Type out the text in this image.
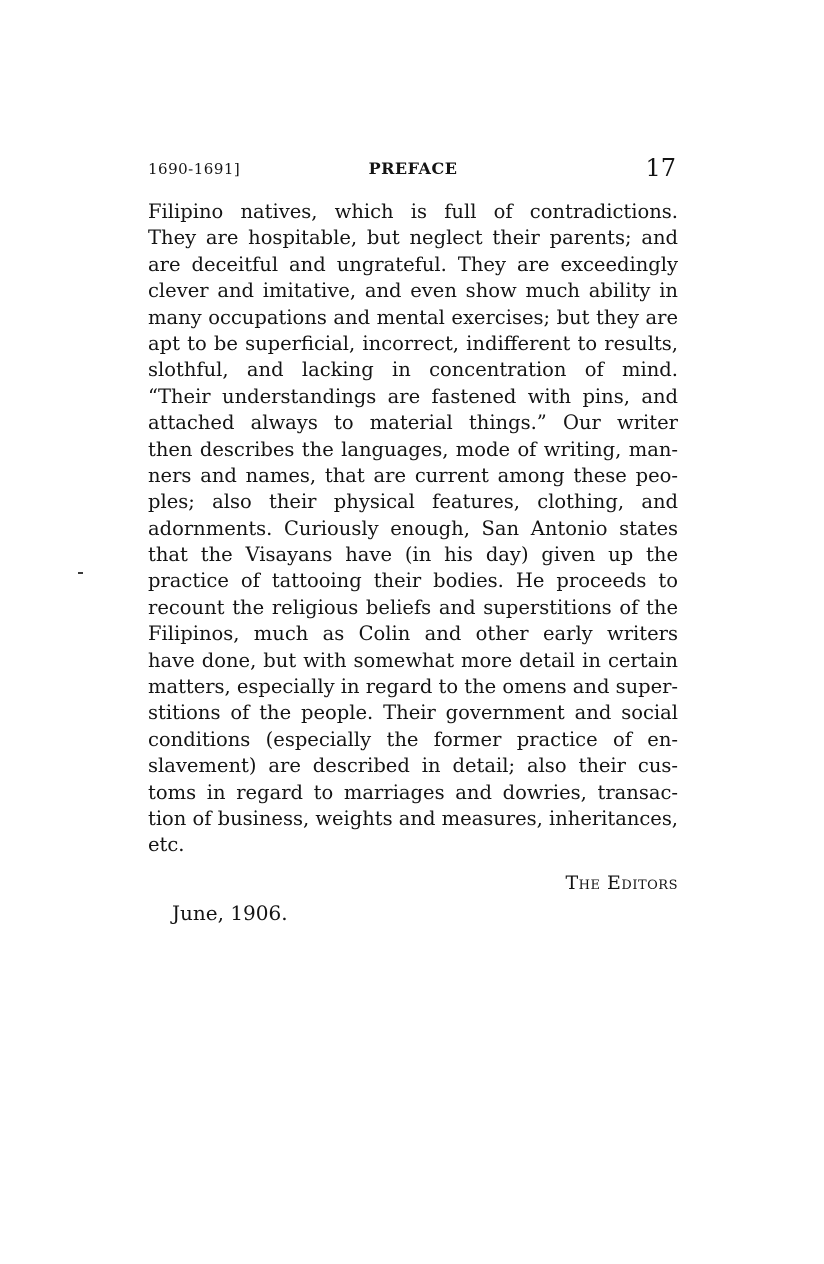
1690-1691]	PREFACE	17
Filipino natives, which is full of contradictions.
They are hospitable, but neglect their parents; and
are deceitful and ungrateful. They are exceedingly
clever and imitative, and even show much ability in
many occupations and mental exercises; but they are
apt to be superficial, incorrect, indifferent to results,
slothful, and lacking in concentration of mind.
“Their understandings are fastened with pins, and
attached always to material things.” Our writer
then describes the languages, mode of writing, man-
ners and names, that are current among these peo-
ples; also their physical features, clothing, and
adornments. Curiously enough, San Antonio states
that the Visayans have (in his day) given up the
practice of tattooing their bodies. He proceeds to
recount the religious beliefs and superstitions of the
Filipinos, much as Colin and other early writers
have done, but with somewhat more detail in certain
matters, especially in regard to the omens and super-
stitions of the people. Their government and social
conditions (especially the former practice of en-
slavement) are described in detail; also their cus-
toms in regard to marriages and dowries, transac-
tion of business, weights and measures, inheritances,
etc.
The Editors
June, 1906.
